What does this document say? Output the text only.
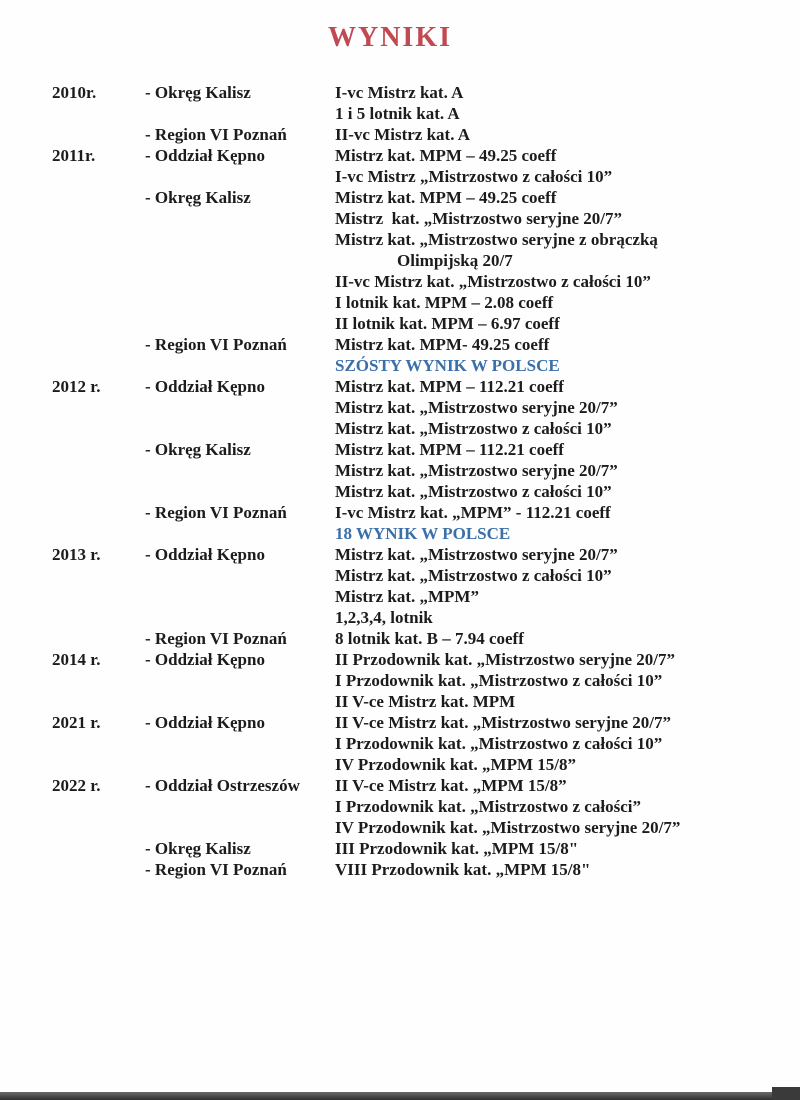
WYNIKI
2010r.	- Okręg Kalisz	I-vc Mistrz kat. A
1 i 5 lotnik kat. A
- Region VI Poznań	II-vc Mistrz kat. A
2011r.	- Oddział Kępno	Mistrz kat. MPM – 49.25 coeff
I-vc Mistrz „Mistrzostwo z całości 10”
- Okręg Kalisz	Mistrz kat. MPM – 49.25 coeff
Mistrz  kat. „Mistrzostwo seryjne 20/7”
Mistrz kat. „Mistrzostwo seryjne z obrączką
Olimpijską 20/7
II-vc Mistrz kat. „Mistrzostwo z całości 10”
I lotnik kat. MPM – 2.08 coeff
II lotnik kat. MPM – 6.97 coeff
- Region VI Poznań	Mistrz kat. MPM- 49.25 coeff
SZÓSTY WYNIK W POLSCE
2012 r.	- Oddział Kępno	Mistrz kat. MPM – 112.21 coeff
Mistrz kat. „Mistrzostwo seryjne 20/7”
Mistrz kat. „Mistrzostwo z całości 10”
- Okręg Kalisz	Mistrz kat. MPM – 112.21 coeff
Mistrz kat. „Mistrzostwo seryjne 20/7”
Mistrz kat. „Mistrzostwo z całości 10”
- Region VI Poznań	I-vc Mistrz kat. „MPM” - 112.21 coeff
18 WYNIK W POLSCE
2013 r.	- Oddział Kępno	Mistrz kat. „Mistrzostwo seryjne 20/7”
Mistrz kat. „Mistrzostwo z całości 10”
Mistrz kat. „MPM”
1,2,3,4, lotnik
- Region VI Poznań	8 lotnik kat. B – 7.94 coeff
2014 r.	- Oddział Kępno	II Przodownik kat. „Mistrzostwo seryjne 20/7”
I Przodownik kat. „Mistrzostwo z całości 10”
II V-ce Mistrz kat. MPM
2021 r.	- Oddział Kępno	II V-ce Mistrz kat. „Mistrzostwo seryjne 20/7”
I Przodownik kat. „Mistrzostwo z całości 10”
IV Przodownik kat. „MPM 15/8”
2022 r.	- Oddział Ostrzeszów	II V-ce Mistrz kat. „MPM 15/8”
I Przodownik kat. „Mistrzostwo z całości”
IV Przodownik kat. „Mistrzostwo seryjne 20/7”
- Okręg Kalisz	III Przodownik kat. „MPM 15/8"
- Region VI Poznań	VIII Przodownik kat. „MPM 15/8"
